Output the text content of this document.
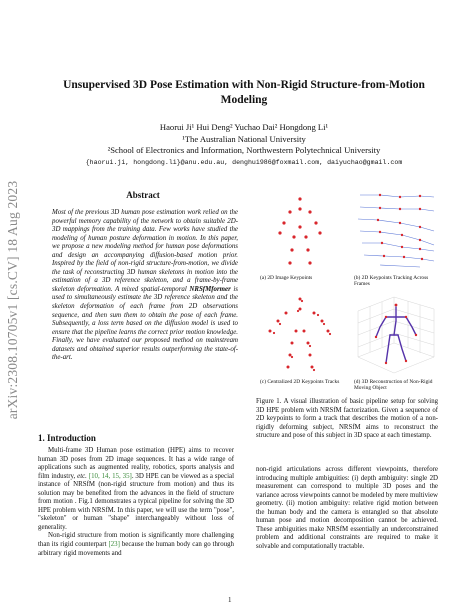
arXiv:2308.10705v1 [cs.CV] 18 Aug 2023
Unsupervised 3D Pose Estimation with Non-Rigid Structure-from-Motion Modeling
Haorui Ji¹ Hui Deng² Yuchao Dai² Hongdong Li¹
¹The Australian National University
²School of Electronics and Information, Northwestern Polytechnical University
{haorui.ji, hongdong.li}@anu.edu.au, denghui986@foxmail.com, daiyuchao@gmail.com
Abstract
Most of the previous 3D human pose estimation work relied on the powerful memory capability of the network to obtain suitable 2D-3D mappings from the training data. Few works have studied the modeling of human posture deformation in motion. In this paper, we propose a new modeling method for human pose deformations and design an accompanying diffusion-based motion prior. Inspired by the field of non-rigid structure-from-motion, we divide the task of reconstructing 3D human skeletons in motion into the estimation of a 3D reference skeleton, and a frame-by-frame skeleton deformation. A mixed spatial-temporal NRSfMformer is used to simultaneously estimate the 3D reference skeleton and the skeleton deformation of each frame from 2D observations sequence, and then sum them to obtain the pose of each frame. Subsequently, a loss term based on the diffusion model is used to ensure that the pipeline learns the correct prior motion knowledge. Finally, we have evaluated our proposed method on mainstream datasets and obtained superior results outperforming the state-of-the-art.
1. Introduction

Multi-frame 3D Human pose estimation (HPE) aims to recover human 3D poses from 2D image sequences. It has a wide range of applications such as augmented reality, robotics, sports analysis and film industry, etc. [10, 14, 15, 35]. 3D HPE can be viewed as a special instance of NRSfM (non-rigid structure from motion) and thus its solution may be benefited from the advances in the field of structure from motion . Fig.1 demonstrates a typical pipeline for solving the 3D HPE problem with NRSfM. In this paper, we will use the term "pose", "skeleton" or human "shape" interchangeably without loss of generality.

Non-rigid structure from motion is significantly more challenging than its rigid counterpart [23] because the human body can go through arbitrary rigid movements and

(a) 2D Image Keypoints	(b) 2D Keypoints Tracking Across Frames
(c) Centralized 2D Keypoints Tracks	(d) 3D Reconstruction of Non-Rigid Moving Object
Figure 1. A visual illustration of basic pipeline setup for solving 3D HPE problem with NRSfM factorization. Given a sequence of 2D keypoints to form a track that describes the motion of a non-rigidly deforming subject, NRSfM aims to reconstruct the structure and pose of this subject in 3D space at each timestamp.
non-rigid articulations across different viewpoints, therefore introducing multiple ambiguities: (i) depth ambiguity: single 2D measurement can correspond to multiple 3D poses and the variance across viewpoints cannot be modeled by mere multiview geometry. (ii) motion ambiguity: relative rigid motion between the human body and the camera is entangled so that absolute human pose and motion decomposition cannot be achieved. These ambiguities make NRSfM essentially an underconstrained problem and additional constraints are required to make it solvable and computationally tractable.
1
